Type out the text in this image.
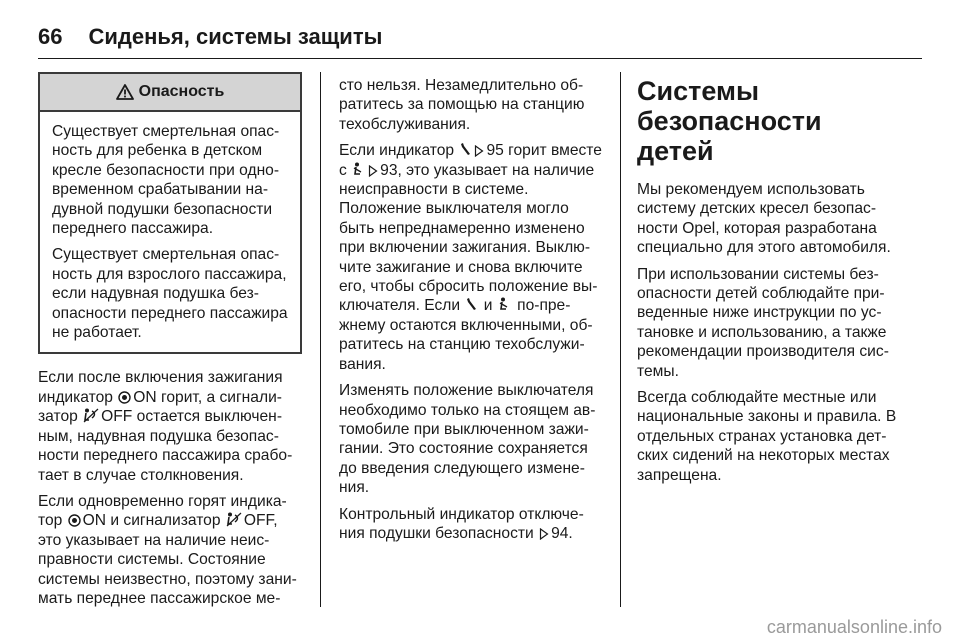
66 Сиденья, системы защиты
Опасность

Существует смертельная опасность для ребенка в детском кресле безопасности при одновременном срабатывании надувной подушки безопасности переднего пассажира.

Существует смертельная опасность для взрослого пассажира, если надувная подушка безопасности переднего пассажира не работает.

Если после включения зажигания индикатор ON горит, а сигнализатор OFF остается выключенным, надувная подушка безопасности переднего пассажира сработает в случае столкновения.

Если одновременно горят индикатор ON и сигнализатор OFF, это указывает на наличие неисправности системы. Состояние системы неизвестно, поэтому занимать переднее пассажирское ме-

сто нельзя. Незамедлительно обратитесь за помощью на станцию техобслуживания.

Если индикатор 95 горит вместе с 93, это указывает на наличие неисправности в системе. Положение выключателя могло быть непреднамеренно изменено при включении зажигания. Выключите зажигание и снова включите его, чтобы сбросить положение выключателя. Если  и  по-прежнему остаются включенными, обратитесь на станцию техобслуживания.

Изменять положение выключателя необходимо только на стоящем автомобиле при выключенном зажигании. Это состояние сохраняется до введения следующего изменения.

Контрольный индикатор отключения подушки безопасности 94.

Системы безопасности детей

Мы рекомендуем использовать систему детских кресел безопасности Opel, которая разработана специально для этого автомобиля.

При использовании системы безопасности детей соблюдайте приведенные ниже инструкции по установке и использованию, а также рекомендации производителя системы.

Всегда соблюдайте местные или национальные законы и правила. В отдельных странах установка детских сидений на некоторых местах запрещена.

carmanualsonline.info
